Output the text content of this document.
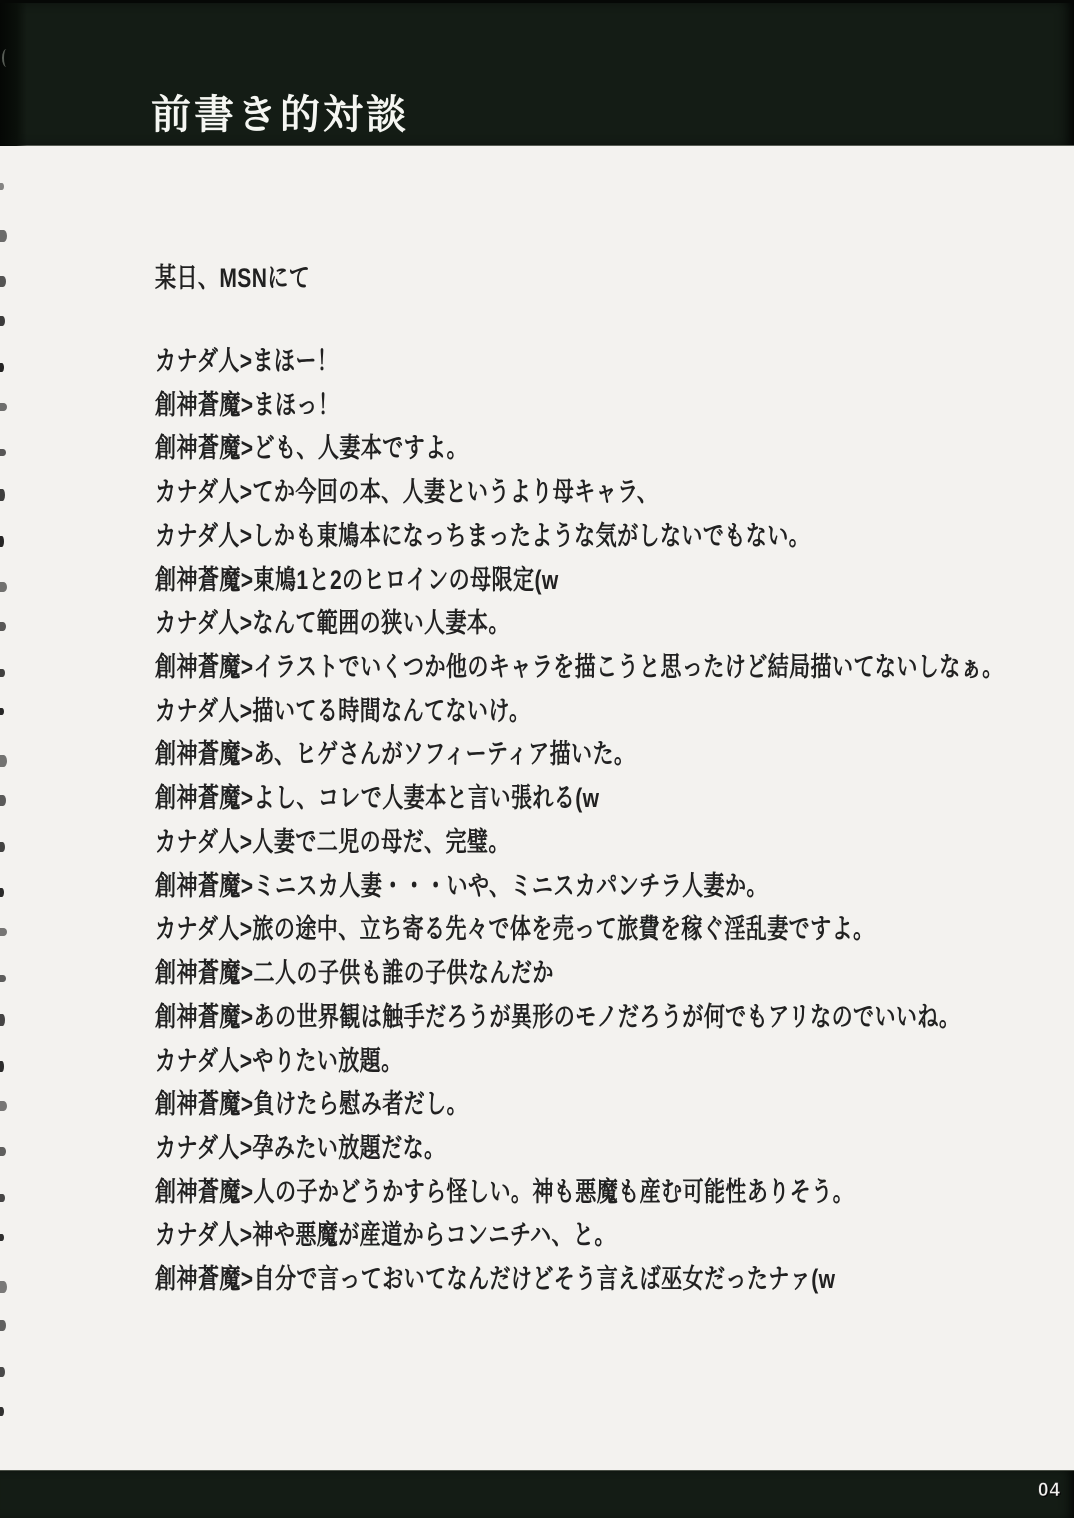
前書き的対談
某日、MSNにて
カナダ人>まほー！
創神蒼魔>まほっ！
創神蒼魔>ども、人妻本ですよ。
カナダ人>てか今回の本、人妻というより母キャラ、
カナダ人>しかも東鳩本になっちまったような気がしないでもない。
創神蒼魔>東鳩1と2のヒロインの母限定(w
カナダ人>なんて範囲の狭い人妻本。
創神蒼魔>イラストでいくつか他のキャラを描こうと思ったけど結局描いてないしなぁ。
カナダ人>描いてる時間なんてないけ。
創神蒼魔>あ、ヒゲさんがソフィーティア描いた。
創神蒼魔>よし、コレで人妻本と言い張れる(w
カナダ人>人妻で二児の母だ、完璧。
創神蒼魔>ミニスカ人妻・・・いや、ミニスカパンチラ人妻か。
カナダ人>旅の途中、立ち寄る先々で体を売って旅費を稼ぐ淫乱妻ですよ。
創神蒼魔>二人の子供も誰の子供なんだか
創神蒼魔>あの世界観は触手だろうが異形のモノだろうが何でもアリなのでいいね。
カナダ人>やりたい放題。
創神蒼魔>負けたら慰み者だし。
カナダ人>孕みたい放題だな。
創神蒼魔>人の子かどうかすら怪しい。神も悪魔も産む可能性ありそう。
カナダ人>神や悪魔が産道からコンニチハ、と。
創神蒼魔>自分で言っておいてなんだけどそう言えば巫女だったナァ(w
04
